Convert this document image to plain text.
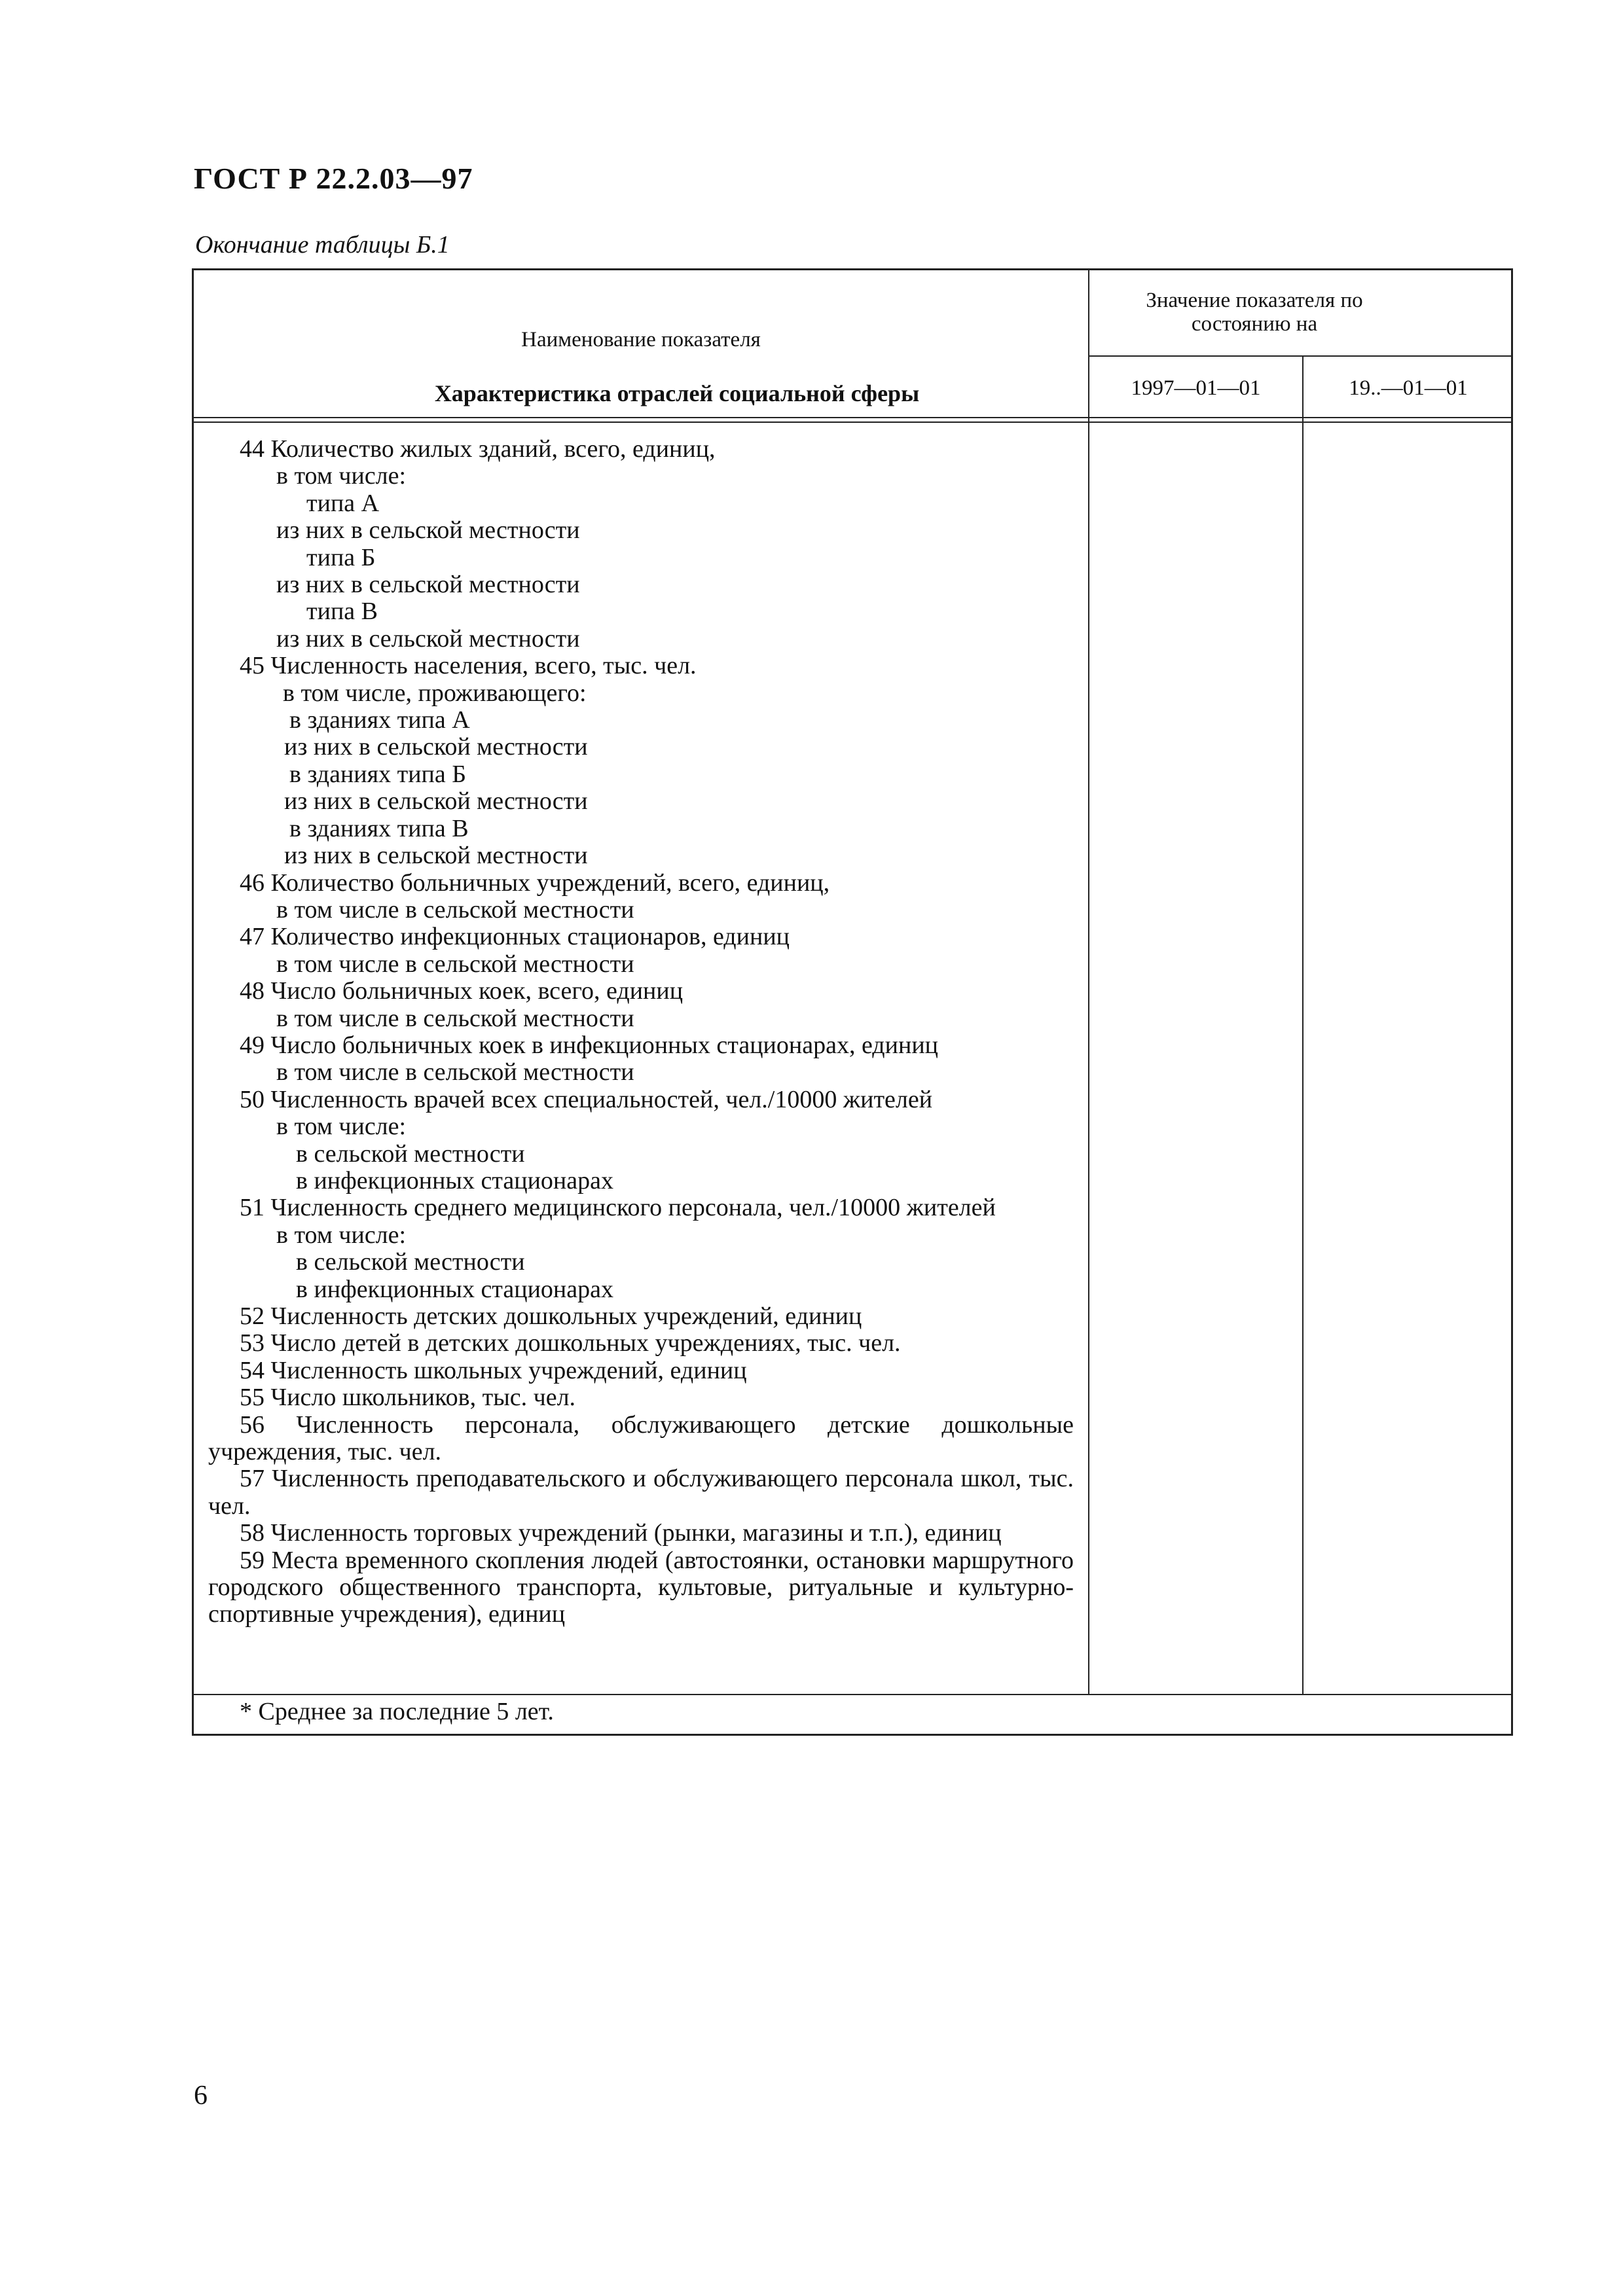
ГОСТ Р 22.2.03—97
Окончание таблицы Б.1
Наименование показателя
Значение показателя по состоянию на
1997—01—01	19..—01—01
Характеристика отраслей социальной сферы
44 Количество жилых зданий, всего, единиц,
в том числе:
типа А
из них в сельской местности
типа Б
из них в сельской местности
типа В
из них в сельской местности
45 Численность населения, всего, тыс. чел.
в том числе, проживающего:
в зданиях типа А
из них в сельской местности
в зданиях типа Б
из них в сельской местности
в зданиях типа В
из них в сельской местности
46 Количество больничных учреждений, всего, единиц,
в том числе в сельской местности
47 Количество инфекционных стационаров, единиц
в том числе в сельской местности
48 Число больничных коек, всего, единиц
в том числе в сельской местности
49 Число больничных коек в инфекционных стационарах, единиц
в том числе в сельской местности
50 Численность врачей всех специальностей, чел./10000 жителей
в том числе:
в сельской местности
в инфекционных стационарах
51 Численность среднего медицинского персонала, чел./10000 жителей
в том числе:
в сельской местности
в инфекционных стационарах
52 Численность детских дошкольных учреждений, единиц
53 Число детей в детских дошкольных учреждениях, тыс. чел.
54 Численность школьных учреждений, единиц
55 Число школьников, тыс. чел.
56 Численность персонала, обслуживающего детские дошкольные учреждения, тыс. чел.
57 Численность преподавательского и обслуживающего персонала школ, тыс. чел.
58 Численность торговых учреждений (рынки, магазины и т.п.), единиц
59 Места временного скопления людей (автостоянки, остановки маршрутного городского общественного транспорта, культовые, ритуальные и культурно-спортивные учреждения), единиц
* Среднее за последние 5 лет.
6
